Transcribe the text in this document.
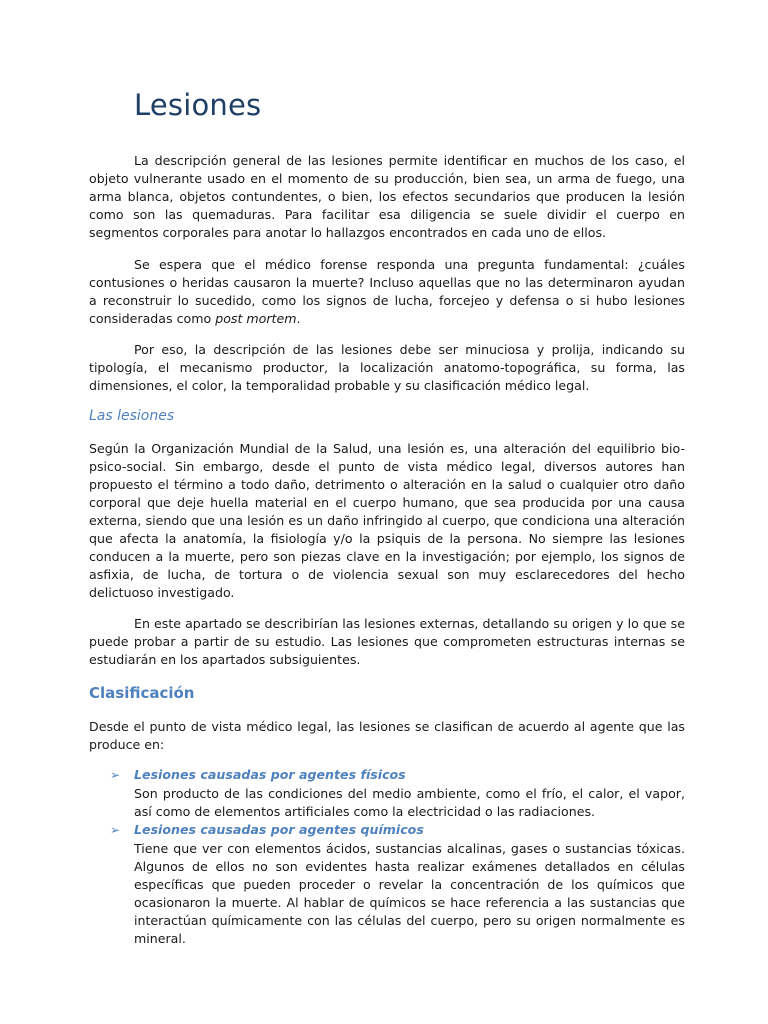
Lesiones

La descripción general de las lesiones permite identificar en muchos de los caso, el objeto vulnerante usado en el momento de su producción, bien sea, un arma de fuego, una arma blanca, objetos contundentes, o bien, los efectos secundarios que producen la lesión como son las quemaduras. Para facilitar esa diligencia se suele dividir el cuerpo en segmentos corporales para anotar lo hallazgos encontrados en cada uno de ellos.

Se espera que el médico forense responda una pregunta fundamental: ¿cuáles contusiones o heridas causaron la muerte? Incluso aquellas que no las determinaron ayudan a reconstruir lo sucedido, como los signos de lucha, forcejeo y defensa o si hubo lesiones consideradas como post mortem.

Por eso, la descripción de las lesiones debe ser minuciosa y prolija, indicando su tipología, el mecanismo productor, la localización anatomo-topográfica, su forma, las dimensiones, el color, la temporalidad probable y su clasificación médico legal.

Las lesiones

Según la Organización Mundial de la Salud, una lesión es, una alteración del equilibrio bio-psico-social. Sin embargo, desde el punto de vista médico legal, diversos autores han propuesto el término a todo daño, detrimento o alteración en la salud o cualquier otro daño corporal que deje huella material en el cuerpo humano, que sea producida por una causa externa, siendo que una lesión es un daño infringido al cuerpo, que condiciona una alteración que afecta la anatomía, la fisiología y/o la psiquis de la persona. No siempre las lesiones conducen a la muerte, pero son piezas clave en la investigación; por ejemplo, los signos de asfixia, de lucha, de tortura o de violencia sexual son muy esclarecedores del hecho delictuoso investigado.

En este apartado se describirían las lesiones externas, detallando su origen y lo que se puede probar a partir de su estudio. Las lesiones que comprometen estructuras internas se estudiarán en los apartados subsiguientes.

Clasificación

Desde el punto de vista médico legal, las lesiones se clasifican de acuerdo al agente que las produce en:

➢ Lesiones causadas por agentes físicos

Son producto de las condiciones del medio ambiente, como el frío, el calor, el vapor, así como de elementos artificiales como la electricidad o las radiaciones.

➢ Lesiones causadas por agentes químicos

Tiene que ver con elementos ácidos, sustancias alcalinas, gases o sustancias tóxicas. Algunos de ellos no son evidentes hasta realizar exámenes detallados en células específicas que pueden proceder o revelar la concentración de los químicos que ocasionaron la muerte. Al hablar de químicos se hace referencia a las sustancias que interactúan químicamente con las células del cuerpo, pero su origen normalmente es mineral.
